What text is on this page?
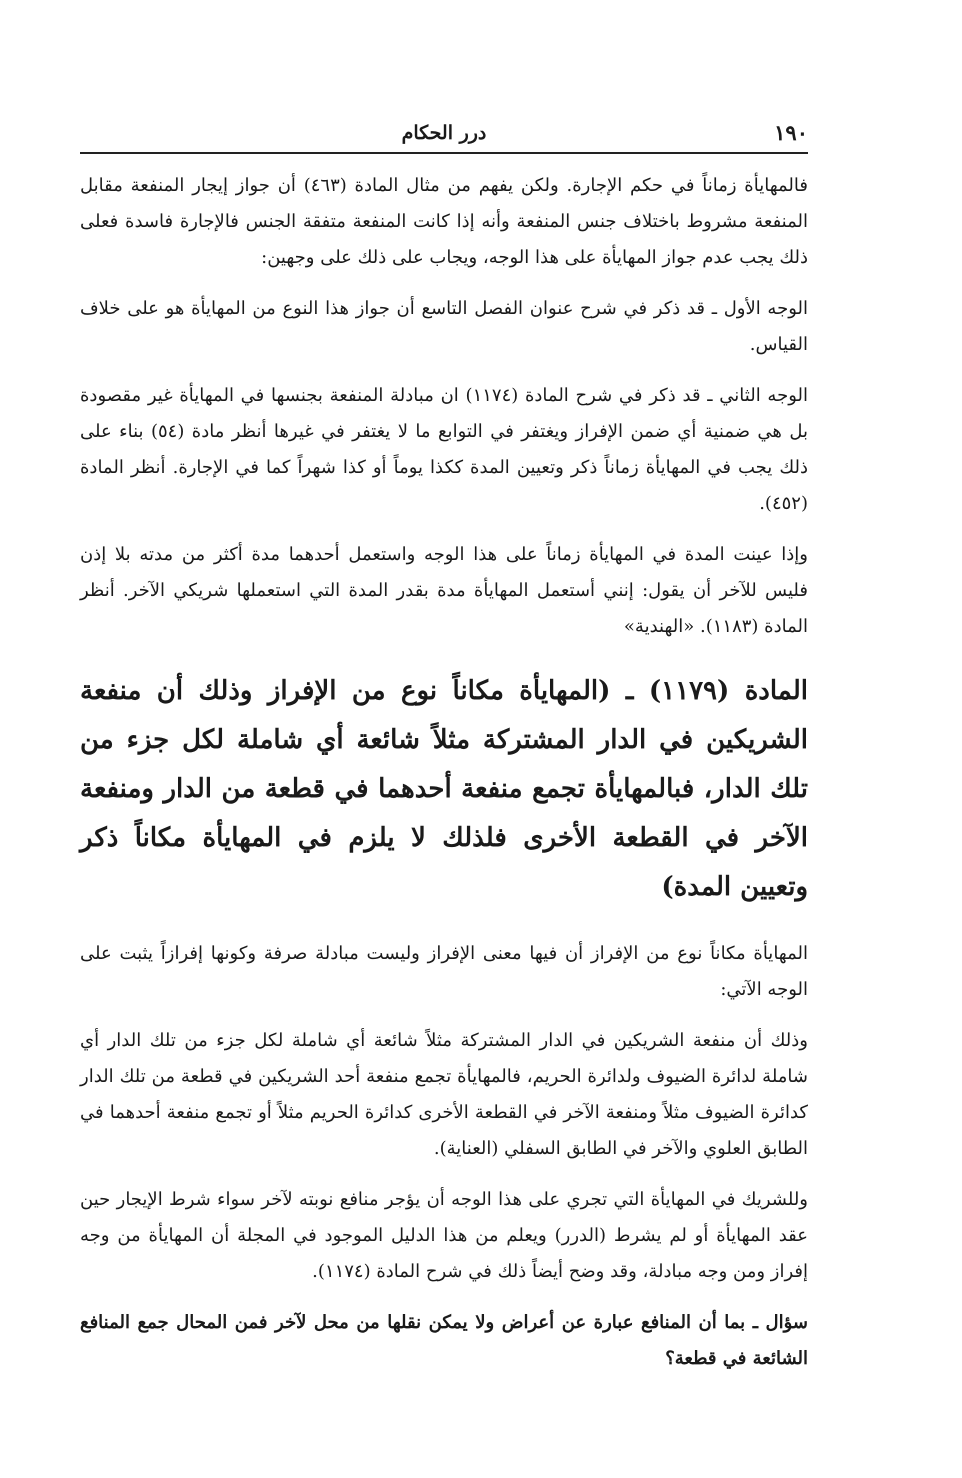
١٩٠
درر الحكام

فالمهايأة زماناً في حكم الإجارة. ولكن يفهم من مثال المادة (٤٦٣) أن جواز إيجار المنفعة مقابل المنفعة مشروط باختلاف جنس المنفعة وأنه إذا كانت المنفعة متفقة الجنس فالإجارة فاسدة فعلى ذلك يجب عدم جواز المهايأة على هذا الوجه، ويجاب على ذلك على وجهين:

الوجه الأول ـ قد ذكر في شرح عنوان الفصل التاسع أن جواز هذا النوع من المهايأة هو على خلاف القياس.

الوجه الثاني ـ قد ذكر في شرح المادة (١١٧٤) ان مبادلة المنفعة بجنسها في المهايأة غير مقصودة بل هي ضمنية أي ضمن الإفراز ويغتفر في التوابع ما لا يغتفر في غيرها أنظر مادة (٥٤) بناء على ذلك يجب في المهايأة زماناً ذكر وتعيين المدة ككذا يوماً أو كذا شهراً كما في الإجارة. أنظر المادة (٤٥٢).

وإذا عينت المدة في المهايأة زماناً على هذا الوجه واستعمل أحدهما مدة أكثر من مدته بلا إذن فليس للآخر أن يقول: إنني أستعمل المهايأة مدة بقدر المدة التي استعملها شريكي الآخر. أنظر المادة (١١٨٣). «الهندية»

المادة (١١٧٩) ـ (المهايأة مكاناً نوع من الإفراز وذلك أن منفعة الشريكين في الدار المشتركة مثلاً شائعة أي شاملة لكل جزء من تلك الدار، فبالمهايأة تجمع منفعة أحدهما في قطعة من الدار ومنفعة الآخر في القطعة الأخرى فلذلك لا يلزم في المهايأة مكاناً ذكر وتعيين المدة)

المهايأة مكاناً نوع من الإفراز أن فيها معنى الإفراز وليست مبادلة صرفة وكونها إفرازاً يثبت على الوجه الآتي:

وذلك أن منفعة الشريكين في الدار المشتركة مثلاً شائعة أي شاملة لكل جزء من تلك الدار أي شاملة لدائرة الضيوف ولدائرة الحريم، فالمهايأة تجمع منفعة أحد الشريكين في قطعة من تلك الدار كدائرة الضيوف مثلاً ومنفعة الآخر في القطعة الأخرى كدائرة الحريم مثلاً أو تجمع منفعة أحدهما في الطابق العلوي والآخر في الطابق السفلي (العناية).

وللشريك في المهايأة التي تجري على هذا الوجه أن يؤجر منافع نوبته لآخر سواء شرط الإيجار حين عقد المهايأة أو لم يشرط (الدرر) ويعلم من هذا الدليل الموجود في المجلة أن المهايأة من وجه إفراز ومن وجه مبادلة، وقد وضح أيضاً ذلك في شرح المادة (١١٧٤).

سؤال ـ بما أن المنافع عبارة عن أعراض ولا يمكن نقلها من محل لآخر فمن المحال جمع المنافع الشائعة في قطعة؟
